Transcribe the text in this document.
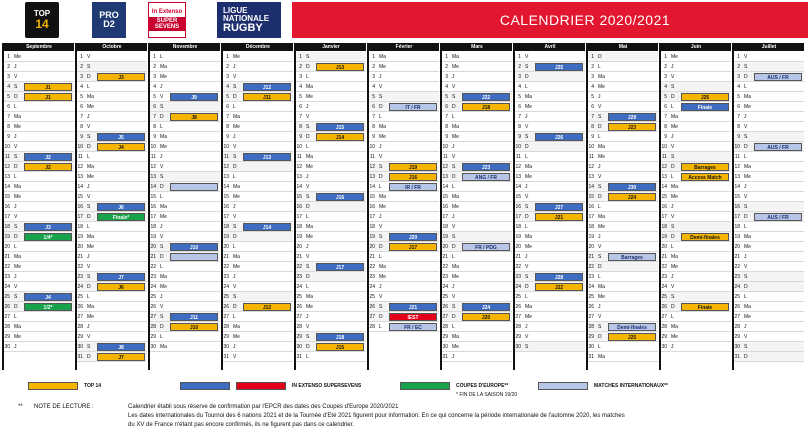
TOP
14
PRO
D2
In Extenso
SUPER SEVENS
LIGUE
NATIONALE
RUGBY	CALENDRIER 2020/2021
Septembre
1 Me
2 J
3 V
4 S	J1
5 D	J1
6 L
7 Ma
8 Me
9 J
10 V
11 S	J2
12 D	J2
13 L
14 Ma
15 Me
16 J
17 V
18 S	J3
19 D	1/4*
20 L
21 Ma
22 Me
23 J
24 V
25 S	J4
26 D	1/2*
27 L
28 Ma
29 Me
30 J
Octobre
1 V
2 S
3 D	J3
4 L
5 Ma
6 Me
7 J
8 V
9 S	J5
10 D	J4
11 L
12 Ma
13 Me
14 J
15 V
16 S	J6
17 D	Finale*
18 L
19 Ma
20 Me
21 J
22 V
23 S	J7
24 D	J6
25 L
26 Ma
27 Me
28 J
29 V
30 S	J8
31 D	J7
Novembre
1 L
2 Ma
3 Me
4 J
5 V	J9
6 S
7 D	J8
8 L
9 Ma
10 Me
11 J
12 V
13 S
14 D
15 L
16 Ma
17 Me
18 J
19 V
20 S	J10
21 D
22 L
23 Ma
24 Me
25 J
26 V
27 S	J11
28 D	J10
29 L
30 Ma
Décembre
1 Me
2 J
3 V
4 S	J12
5 D	J11
6 L
7 Ma
8 Me
9 J
10 V
11 S	J13
12 D
13 L
14 Ma
15 Me
16 J
17 V
18 S	J14
19 D
20 L
21 Ma
22 Me
23 J
24 V
25 S
26 D	J12
27 L
28 Ma
29 Me
30 J
31 V
Janvier
1 S
2 D	J13
3 L
4 Ma
5 Me
6 J
7 V
8 S	J15
9 D	J14
10 L
11 Ma
12 Me
13 J
14 V
15 S	J16
16 D
17 L
18 Ma
19 Me
20 J
21 V
22 S	J17
23 D
24 L
25 Ma
26 Me
27 J
28 V
29 S	J18
30 D	J15
31 L
Février
1 Ma
2 Me
3 J
4 V
5 S
6 D	IT / FR
7 L
8 Ma
9 Me
10 J
11 V
12 S	J19
13 D	J16
14 L	IR / FR
15 Ma
16 Me
17 J
18 V
19 S	J20
20 D	J17
21 L
22 Ma
23 Me
24 J
25 V
26 S	J21
27 D	IEST
28 L	FR / EC
Mars
1 Ma
2 Me
3 J
4 V
5 S	J22
6 D	J18
7 L
8 Ma
9 Me
10 J
11 V
12 S	J23
13 D	ANG / FR
14 L
15 Ma
16 Me
17 J
18 V
19 S
20 D	FR / PDG
21 L
22 Ma
23 Me
24 J
25 V
26 S	J24
27 D	J20
28 L
29 Ma
30 Me
31 J
Avril
1 V
2 S	J25
3 D
4 L
5 Ma
6 Me
7 J
8 V
9 S	J26
10 D
11 L
12 Ma
13 Me
14 J
15 V
16 S	J27
17 D	J21
18 L
19 Ma
20 Me
21 J
22 V
23 S	J28
24 D	J22
25 L
26 Ma
27 Me
28 J
29 V
30 S
Mai
1 D
2 L
3 Ma
4 Me
5 J
6 V
7 S	J29
8 D	J23
9 L
10 Ma
11 Me
12 J
13 V
14 S	J30
15 D	J24
16 L
17 Ma
18 Me
19 J
20 V
21 S	Barrages
22 D
23 L
24 Ma
25 Me
26 J
27 V
28 S	Demi-finales
29 D	J25
30 L
31 Ma
Juin
1 Me
2 J
3 V
4 S
5 D	J26
6 L	Finale
7 Ma
8 Me
9 J
10 V
11 S
12 D	Barrages
13 L	Access Match
14 Ma
15 Me
16 J
17 V
18 S
19 D	Demi-finales
20 L
21 Ma
22 Me
23 J
24 V
25 S
26 D	Finale
27 L
28 Ma
29 Me
30 J
Juillet
1 V
2 S
3 D	AUS / FR
4 L
5 Ma
6 Me
7 J
8 V
9 S
10 D	AUS / FR
11 L
12 Ma
13 Me
14 J
15 V
16 S
17 D	AUS / FR
18 L
19 Ma
20 Me
21 J
22 V
23 S
24 D
25 L
26 Ma
27 Me
28 J
29 V
30 S
31 D
TOP 14	IN EXTENSO SUPERSEVENS	COUPES D'EUROPE**	MATCHES INTERNATIONAUX**
* FIN DE LA SAISON 19/20
** NOTE DE LECTURE :	Calendrier établi sous réserve de confirmation par l'EPCR des dates des Coupes d'Europe 2020/2021
Les dates internationales du Tournoi des 6 nations 2021 et de la Tournée d'Eté 2021 figurent pour information. En ce qui concerne la période internationale de l'automne 2020, les matches
du XV de France n'étant pas encore confirmés, ils ne figurent pas dans ce calendrier.
